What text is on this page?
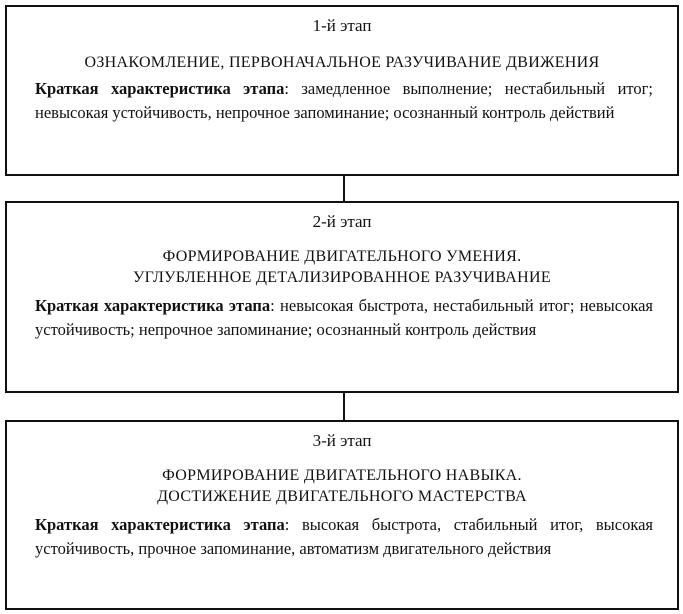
1-й этап
ОЗНАКОМЛЕНИЕ, ПЕРВОНАЧАЛЬНОЕ РАЗУЧИВАНИЕ ДВИЖЕНИЯ
Краткая характеристика этапа: замедленное выполнение; нестабильный итог; невысокая устойчивость, непрочное запоминание; осознанный контроль действий
2-й этап
ФОРМИРОВАНИЕ ДВИГАТЕЛЬНОГО УМЕНИЯ.
УГЛУБЛЕННОЕ ДЕТАЛИЗИРОВАННОЕ РАЗУЧИВАНИЕ
Краткая характеристика этапа: невысокая быстрота, нестабильный итог; невысокая устойчивость; непрочное запоминание; осознанный контроль действия
3-й этап
ФОРМИРОВАНИЕ ДВИГАТЕЛЬНОГО НАВЫКА.
ДОСТИЖЕНИЕ ДВИГАТЕЛЬНОГО МАСТЕРСТВА
Краткая характеристика этапа: высокая быстрота, стабильный итог, высокая устойчивость, прочное запоминание, автоматизм двигательного действия
